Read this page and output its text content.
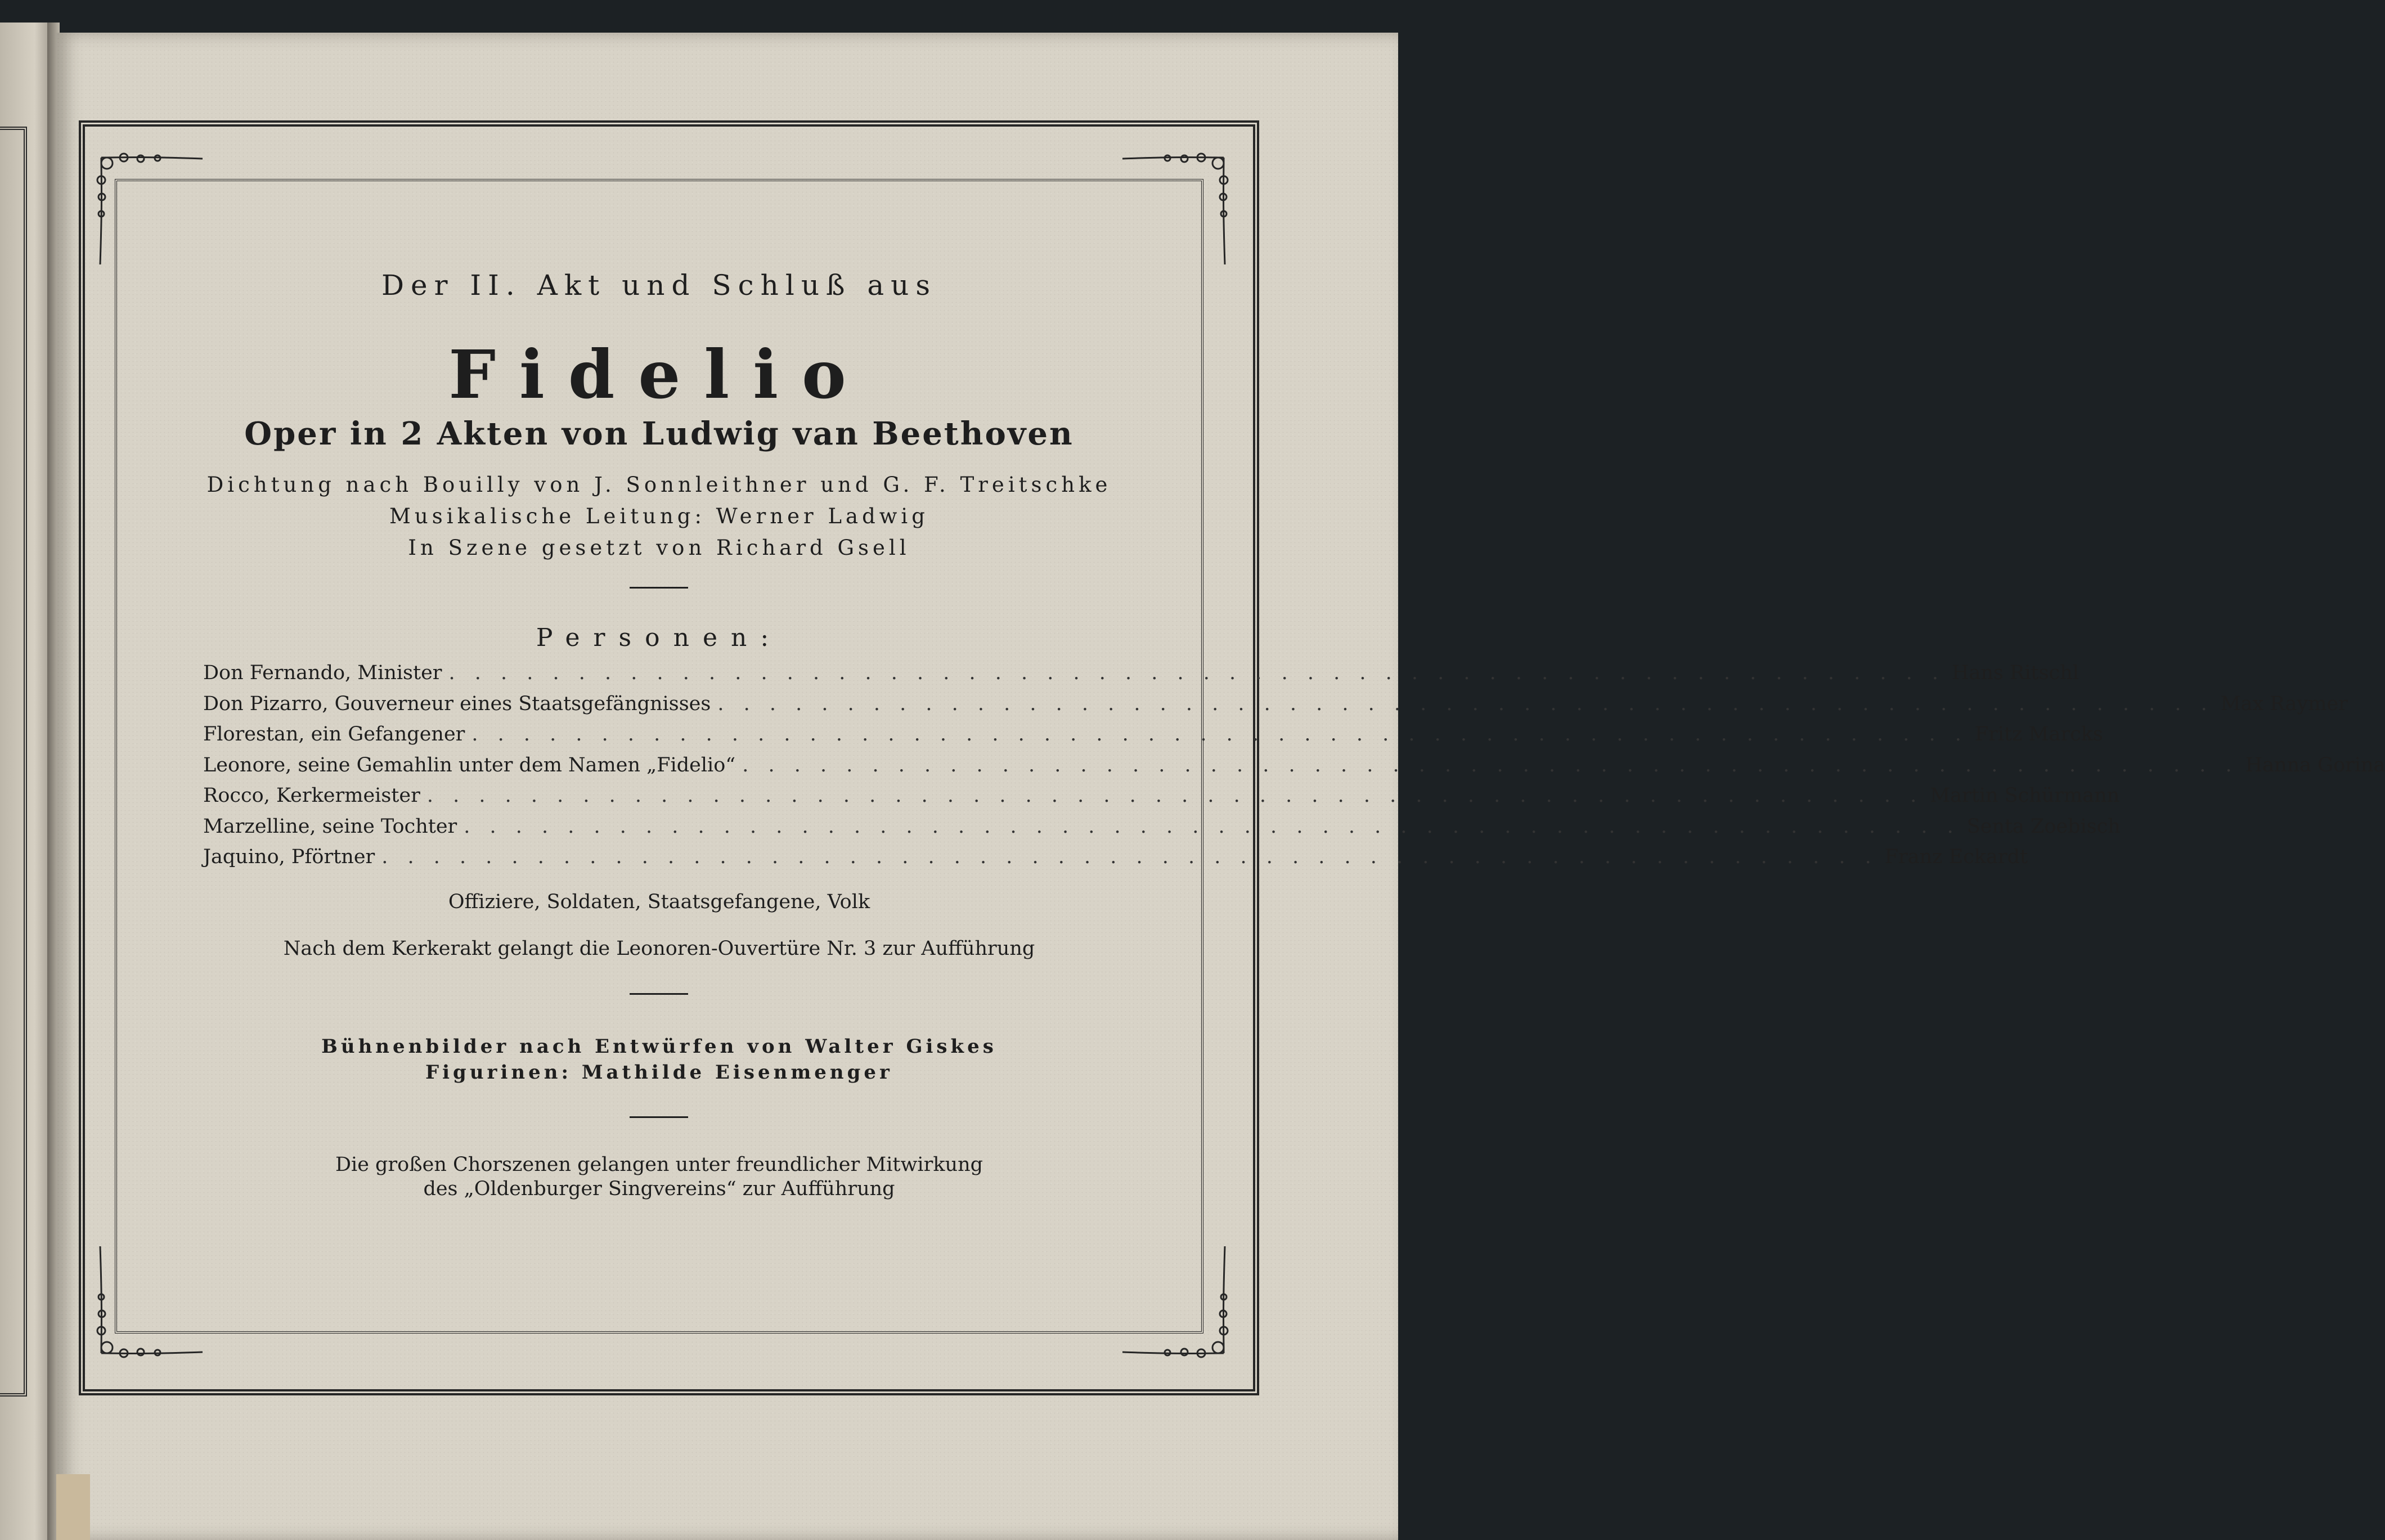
Der II. Akt und Schluß aus
Fidelio
Oper in 2 Akten von Ludwig van Beethoven
Dichtung nach Bouilly von J. Sonnleithner und G. F. Treitschke
Musikalische Leitung: Werner Ladwig
In Szene gesetzt von Richard Gsell
Personen:
Don Fernando, Minister . . . . . . . . . . . . . . . . . . . . . . . . . . . . . . . . . . . . . . . . . . . . . . . . . . . . . . . . . . Hans Ritschl
Don Pizarro, Gouverneur eines Staatsgefängnisses . . . . . . . . . . . . . . . . . . . . . . . . . . . . . . . . . . . . . . . . . . . . . . . . . . . . . . . . . . Max Raymer
Florestan, ein Gefangener . . . . . . . . . . . . . . . . . . . . . . . . . . . . . . . . . . . . . . . . . . . . . . . . . . . . . . . . . . Fritz Marcks
Leonore, seine Gemahlin unter dem Namen „Fidelio“ . . . . . . . . . . . . . . . . . . . . . . . . . . . . . . . . . . . . . . . . . . . . . . . . . . . . . . . . . . Hanna Gorina
Rocco, Kerkermeister . . . . . . . . . . . . . . . . . . . . . . . . . . . . . . . . . . . . . . . . . . . . . . . . . . . . . . . . . . Martin Schürmann
Marzelline, seine Tochter . . . . . . . . . . . . . . . . . . . . . . . . . . . . . . . . . . . . . . . . . . . . . . . . . . . . . . . . . . Senta Zoebisch
Jaquino, Pförtner . . . . . . . . . . . . . . . . . . . . . . . . . . . . . . . . . . . . . . . . . . . . . . . . . . . . . . . . . . Franz Eckardt
Offiziere, Soldaten, Staatsgefangene, Volk
Nach dem Kerkerakt gelangt die Leonoren-Ouvertüre Nr. 3 zur Aufführung
Bühnenbilder nach Entwürfen von Walter Giskes
Figurinen: Mathilde Eisenmenger
Die großen Chorszenen gelangen unter freundlicher Mitwirkung
des „Oldenburger Singvereins“ zur Aufführung
